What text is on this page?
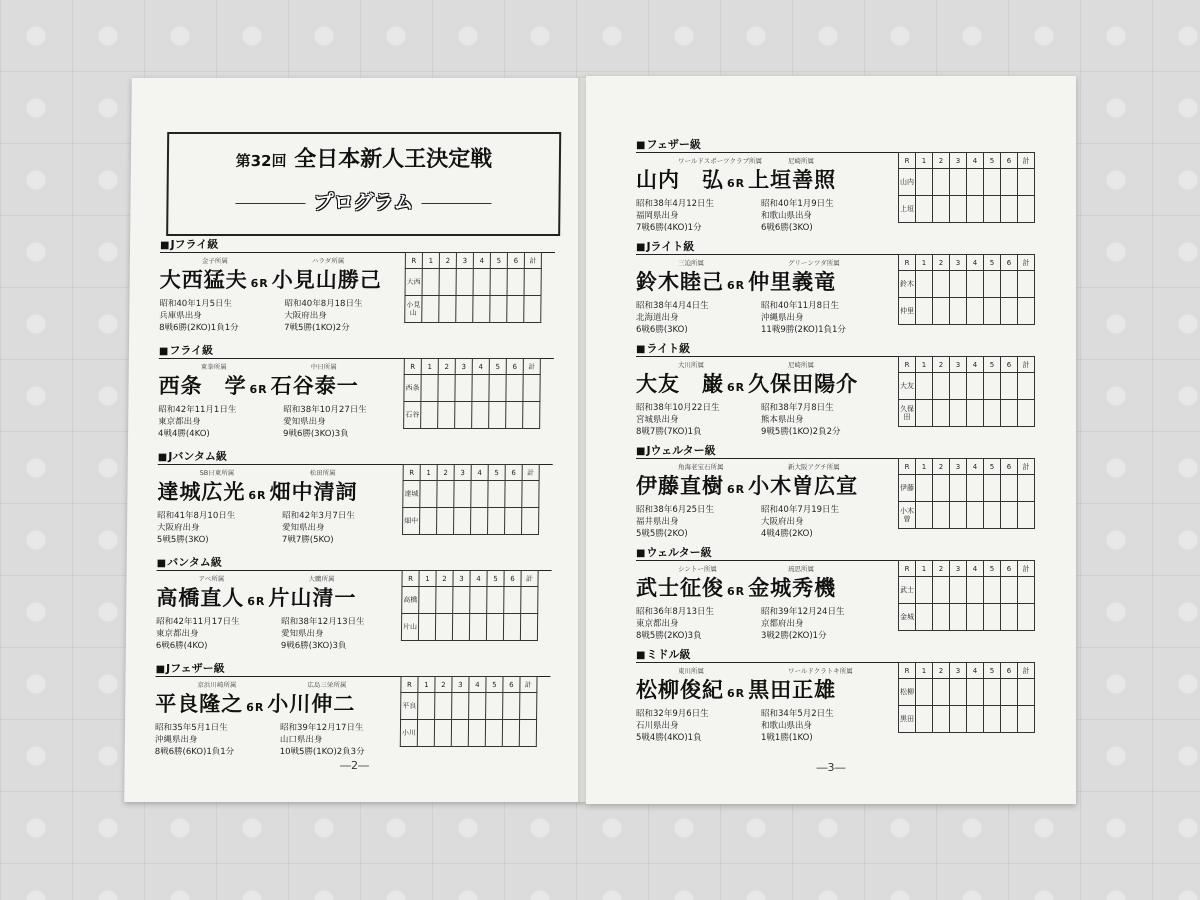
第32回 全日本新人王決定戦
プログラム
―2―
■ Jフライ級
金子所属	ハラダ所属
大西猛夫 6R 小見山勝己
昭和40年1月5日生
兵庫県出身
8戦6勝(2KO)1負1分
昭和40年8月18日生
大阪府出身
7戦5勝(1KO)2分
R	1	2	3	4	5	6	計
大西							
小見山							
■ フライ級
東拳所属	中日所属
西条　学 6R 石谷泰一
昭和42年11月1日生
東京都出身
4戦4勝(4KO)
昭和38年10月27日生
愛知県出身
9戦6勝(3KO)3負
R	1	2	3	4	5	6	計
西条							
石谷							
■ Jバンタム級
SB日東所属	松田所属
達城広光 6R 畑中清詞
昭和41年8月10日生
大阪府出身
5戦5勝(3KO)
昭和42年3月7日生
愛知県出身
7戦7勝(5KO)
R	1	2	3	4	5	6	計
達城							
畑中							
■ バンタム級
アベ所属	大鵬所属
高橋直人 6R 片山清一
昭和42年11月17日生
東京都出身
6戦6勝(4KO)
昭和38年12月13日生
愛知県出身
9戦6勝(3KO)3負
R	1	2	3	4	5	6	計
高橋							
片山							
■ Jフェザー級
京浜川崎所属	広島三栄所属
平良隆之 6R 小川伸二
昭和35年5月1日生
沖縄県出身
8戦6勝(6KO)1負1分
昭和39年12月17日生
山口県出身
10戦5勝(1KO)2負3分
R	1	2	3	4	5	6	計
平良							
小川							
―3―
■ フェザー級
ワールドスポーツクラブ所属	尼崎所属
山内　弘 6R 上垣善照
昭和38年4月12日生
福岡県出身
7戦6勝(4KO)1分
昭和40年1月9日生
和歌山県出身
6戦6勝(3KO)
R	1	2	3	4	5	6	計
山内							
上垣							
■ Jライト級
三迫所属	グリーンツダ所属
鈴木睦己 6R 仲里義竜
昭和38年4月4日生
北海道出身
6戦6勝(3KO)
昭和40年11月8日生
沖縄県出身
11戦9勝(2KO)1負1分
R	1	2	3	4	5	6	計
鈴木							
仲里							
■ ライト級
大川所属	尼崎所属
大友　巌 6R 久保田陽介
昭和38年10月22日生
宮城県出身
8戦7勝(7KO)1負
昭和38年7月8日生
熊本県出身
9戦5勝(1KO)2負2分
R	1	2	3	4	5	6	計
大友							
久保田							
■ Jウェルター級
角海老宝石所属	新大阪アグチ所属
伊藤直樹 6R 小木曽広宣
昭和38年6月25日生
福井県出身
5戦5勝(2KO)
昭和40年7月19日生
大阪府出身
4戦4勝(2KO)
R	1	2	3	4	5	6	計
伊藤							
小木曽							
■ ウェルター級
シントー所属	琉思所属
武士征俊 6R 金城秀機
昭和36年8月13日生
東京都出身
8戦5勝(2KO)3負
昭和39年12月24日生
京都府出身
3戦2勝(2KO)1分
R	1	2	3	4	5	6	計
武士							
金城							
■ ミドル級
東川所属	ワールドクラトキ所属
松柳俊紀 6R 黒田正雄
昭和32年9月6日生
石川県出身
5戦4勝(4KO)1負
昭和34年5月2日生
和歌山県出身
1戦1勝(1KO)
R	1	2	3	4	5	6	計
松柳							
黒田							
